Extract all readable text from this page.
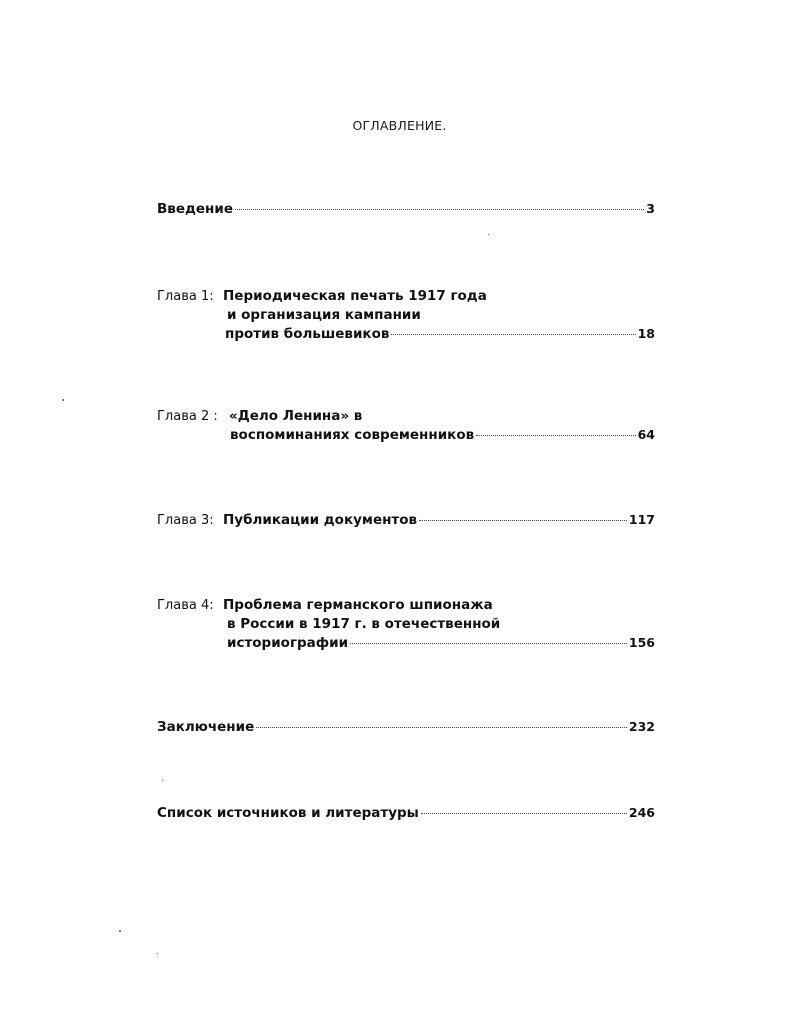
ОГЛАВЛЕНИЕ.
Введение	3
Глава 1: Периодическая печать 1917 года
и организация кампании
против большевиков	18
Глава 2 : «Дело Ленина» в
воспоминаниях современников	64
Глава 3: Публикации документов	117
Глава 4: Проблема германского шпионажа
в России в 1917 г. в отечественной
историографии	156
Заключение	232
Список источников и литературы	246
